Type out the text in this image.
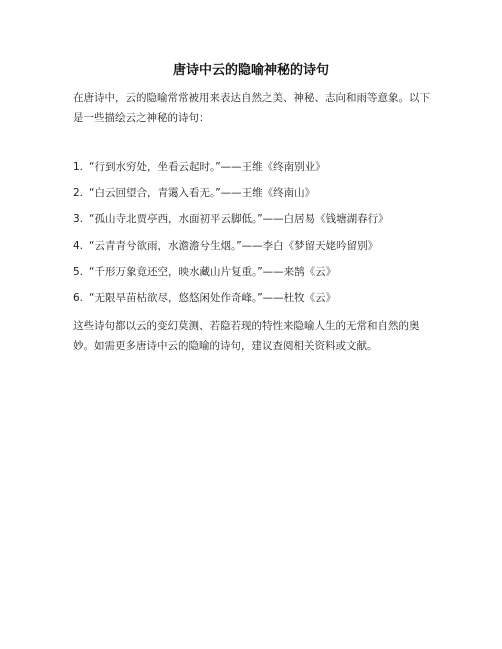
唐诗中云的隐喻神秘的诗句
在唐诗中，云的隐喻常常被用来表达自然之美、神秘、志向和雨等意象。以下是一些描绘云之神秘的诗句：
1. “行到水穷处，坐看云起时。”——王维《终南别业》
2. “白云回望合，青霭入看无。”——王维《终南山》
3. “孤山寺北贾亭西，水面初平云脚低。”——白居易《钱塘湖春行》
4. “云青青兮欲雨，水澹澹兮生烟。”——李白《梦留天姥吟留别》
5. “千形万象竟还空，映水藏山片复重。”——来鹄《云》
6. “无限旱苗枯欲尽，悠悠闲处作奇峰。”——杜牧《云》
这些诗句都以云的变幻莫测、若隐若现的特性来隐喻人生的无常和自然的奥妙。如需更多唐诗中云的隐喻的诗句，建议查阅相关资料或文献。
